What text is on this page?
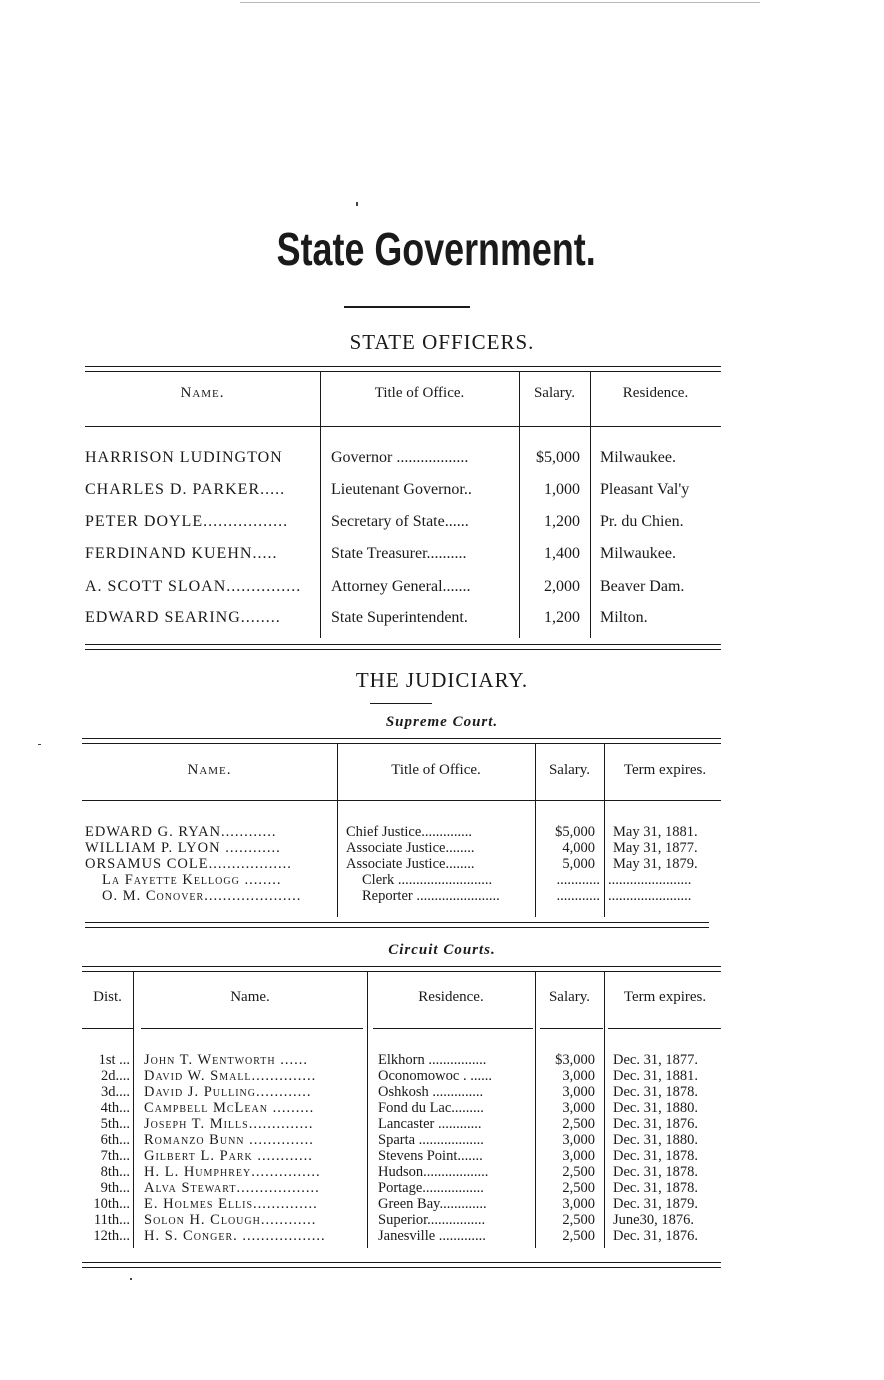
State Government.
STATE OFFICERS.
Name.	Title of Office.	Salary.	Residence.
HARRISON LUDINGTON	Governor ..................	$5,000 Milwaukee.
CHARLES D. PARKER.....	Lieutenant Governor..	1,000 Pleasant Val'y
PETER DOYLE.................	Secretary of State......	1,200 Pr. du Chien.
FERDINAND KUEHN.....	State Treasurer..........	1,400 Milwaukee.
A. SCOTT SLOAN...............	Attorney General.......	2,000 Beaver Dam.
EDWARD SEARING........	State Superintendent.	1,200 Milton.
THE JUDICIARY.
Supreme Court.
Name.	Title of Office.	Salary.	Term expires.
EDWARD G. RYAN............	Chief Justice..............	$5,000 May 31, 1881.
WILLIAM P. LYON ............	Associate Justice........	4,000 May 31, 1877.
ORSAMUS COLE..................	Associate Justice........	5,000 May 31, 1879.
La Fayette Kellogg ........	Clerk ..........................	............ .......................
O. M. Conover.....................	Reporter .......................	............ .......................
Circuit Courts.
Dist.	Name.	Residence.	Salary.	Term expires.
1st ... John T. Wentworth ......	Elkhorn ................	$3,000 Dec. 31, 1877.
2d.... David W. Small..............	Oconomowoc . ......	3,000 Dec. 31, 1881.
3d.... David J. Pulling............	Oshkosh ..............	3,000 Dec. 31, 1878.
4th... Campbell McLean .........	Fond du Lac.........	3,000 Dec. 31, 1880.
5th... Joseph T. Mills..............	Lancaster ............	2,500 Dec. 31, 1876.
6th... Romanzo Bunn ..............	Sparta ..................	3,000 Dec. 31, 1880.
7th... Gilbert L. Park ............	Stevens Point.......	3,000 Dec. 31, 1878.
8th... H. L. Humphrey...............	Hudson..................	2,500 Dec. 31, 1878.
9th... Alva Stewart..................	Portage.................	2,500 Dec. 31, 1878.
10th... E. Holmes Ellis..............	Green Bay.............	3,000 Dec. 31, 1879.
11th... Solon H. Clough............	Superior................	2,500 June30, 1876.
12th... H. S. Conger. ..................	Janesville .............	2,500 Dec. 31, 1876.
